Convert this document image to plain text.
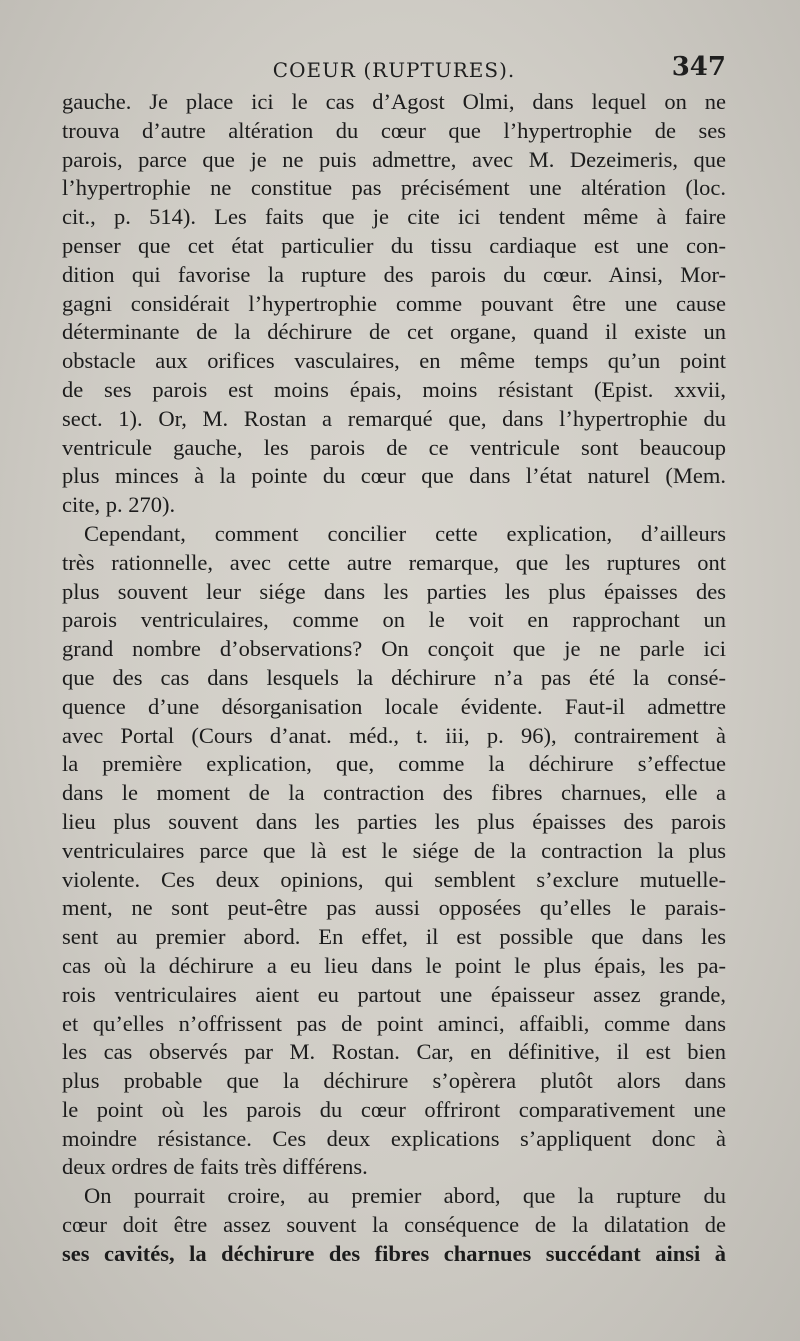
COEUR (RUPTURES).	347

gauche. Je place ici le cas d’Agost Olmi, dans lequel on ne

trouva d’autre altération du cœur que l’hypertrophie de ses

parois, parce que je ne puis admettre, avec M. Dezeimeris, que

l’hypertrophie ne constitue pas précisément une altération (loc.

cit., p. 514). Les faits que je cite ici tendent même à faire

penser que cet état particulier du tissu cardiaque est une con-

dition qui favorise la rupture des parois du cœur. Ainsi, Mor-

gagni considérait l’hypertrophie comme pouvant être une cause

déterminante de la déchirure de cet organe, quand il existe un

obstacle aux orifices vasculaires, en même temps qu’un point

de ses parois est moins épais, moins résistant (Epist. xxvii,

sect. 1). Or, M. Rostan a remarqué que, dans l’hypertrophie du

ventricule gauche, les parois de ce ventricule sont beaucoup

plus minces à la pointe du cœur que dans l’état naturel (Mem.

cite, p. 270).

Cependant, comment concilier cette explication, d’ailleurs

très rationnelle, avec cette autre remarque, que les ruptures ont

plus souvent leur siége dans les parties les plus épaisses des

parois ventriculaires, comme on le voit en rapprochant un

grand nombre d’observations? On conçoit que je ne parle ici

que des cas dans lesquels la déchirure n’a pas été la consé-

quence d’une désorganisation locale évidente. Faut-il admettre

avec Portal (Cours d’anat. méd., t. iii, p. 96), contrairement à

la première explication, que, comme la déchirure s’effectue

dans le moment de la contraction des fibres charnues, elle a

lieu plus souvent dans les parties les plus épaisses des parois

ventriculaires parce que là est le siége de la contraction la plus

violente. Ces deux opinions, qui semblent s’exclure mutuelle-

ment, ne sont peut-être pas aussi opposées qu’elles le parais-

sent au premier abord. En effet, il est possible que dans les

cas où la déchirure a eu lieu dans le point le plus épais, les pa-

rois ventriculaires aient eu partout une épaisseur assez grande,

et qu’elles n’offrissent pas de point aminci, affaibli, comme dans

les cas observés par M. Rostan. Car, en définitive, il est bien

plus probable que la déchirure s’opèrera plutôt alors dans

le point où les parois du cœur offriront comparativement une

moindre résistance. Ces deux explications s’appliquent donc à

deux ordres de faits très différens.

On pourrait croire, au premier abord, que la rupture du

cœur doit être assez souvent la conséquence de la dilatation de

ses cavités, la déchirure des fibres charnues succédant ainsi à
